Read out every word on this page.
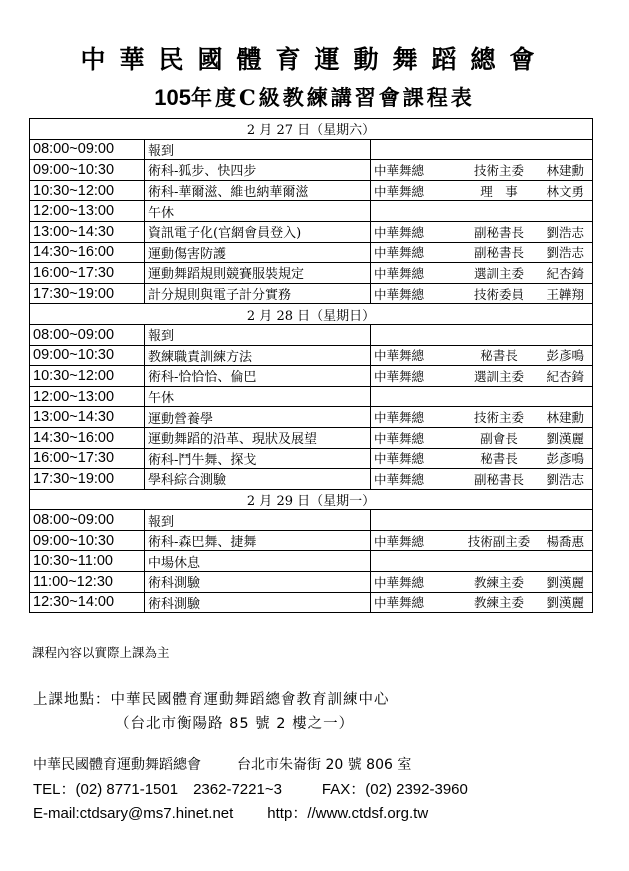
中華民國體育運動舞蹈總會
105年度C級教練講習會課程表
2 月 27 日（星期六）		
08:00~09:00	報到	
09:00~10:30	術科-狐步、快四步	中華舞總 技術主委 林建勳
10:30~12:00	術科-華爾滋、維也納華爾滋	中華舞總 理　事 林文勇
12:00~13:00	午休	
13:00~14:30	資訊電子化(官網會員登入)	中華舞總 副秘書長 劉浩志
14:30~16:00	運動傷害防護	中華舞總 副秘書長 劉浩志
16:00~17:30	運動舞蹈規則競賽服裝規定	中華舞總 選訓主委 紀杏錡
17:30~19:00	計分規則與電子計分實務	中華舞總 技術委員 王韡翔
2 月 28 日（星期日）		
08:00~09:00	報到	
09:00~10:30	教練職責訓練方法	中華舞總 秘書長 彭彥鳴
10:30~12:00	術科-恰恰恰、倫巴	中華舞總 選訓主委 紀杏錡
12:00~13:00	午休	
13:00~14:30	運動營養學	中華舞總 技術主委 林建勳
14:30~16:00	運動舞蹈的沿革、現狀及展望	中華舞總 副會長 劉漢麗
16:00~17:30	術科-鬥牛舞、探戈	中華舞總 秘書長 彭彥鳴
17:30~19:00	學科綜合測驗	中華舞總 副秘書長 劉浩志
2 月 29 日（星期一）		
08:00~09:00	報到	
09:00~10:30	術科-森巴舞、捷舞	中華舞總 技術副主委 楊喬惠
10:30~11:00	中場休息	
11:00~12:30	術科測驗	中華舞總 教練主委 劉漢麗
12:30~14:00	術科測驗	中華舞總 教練主委 劉漢麗
課程內容以實際上課為主
上課地點：中華民國體育運動舞蹈總會教育訓練中心
（台北市衡陽路 85 號 2 樓之一）
中華民國體育運動舞蹈總會	台北市朱崙街 20 號 806 室
TEL：(02) 8771-1501　2362-7221~3	FAX：(02) 2392-3960
E-mail:ctdsary@ms7.hinet.net http：//www.ctdsf.org.tw
